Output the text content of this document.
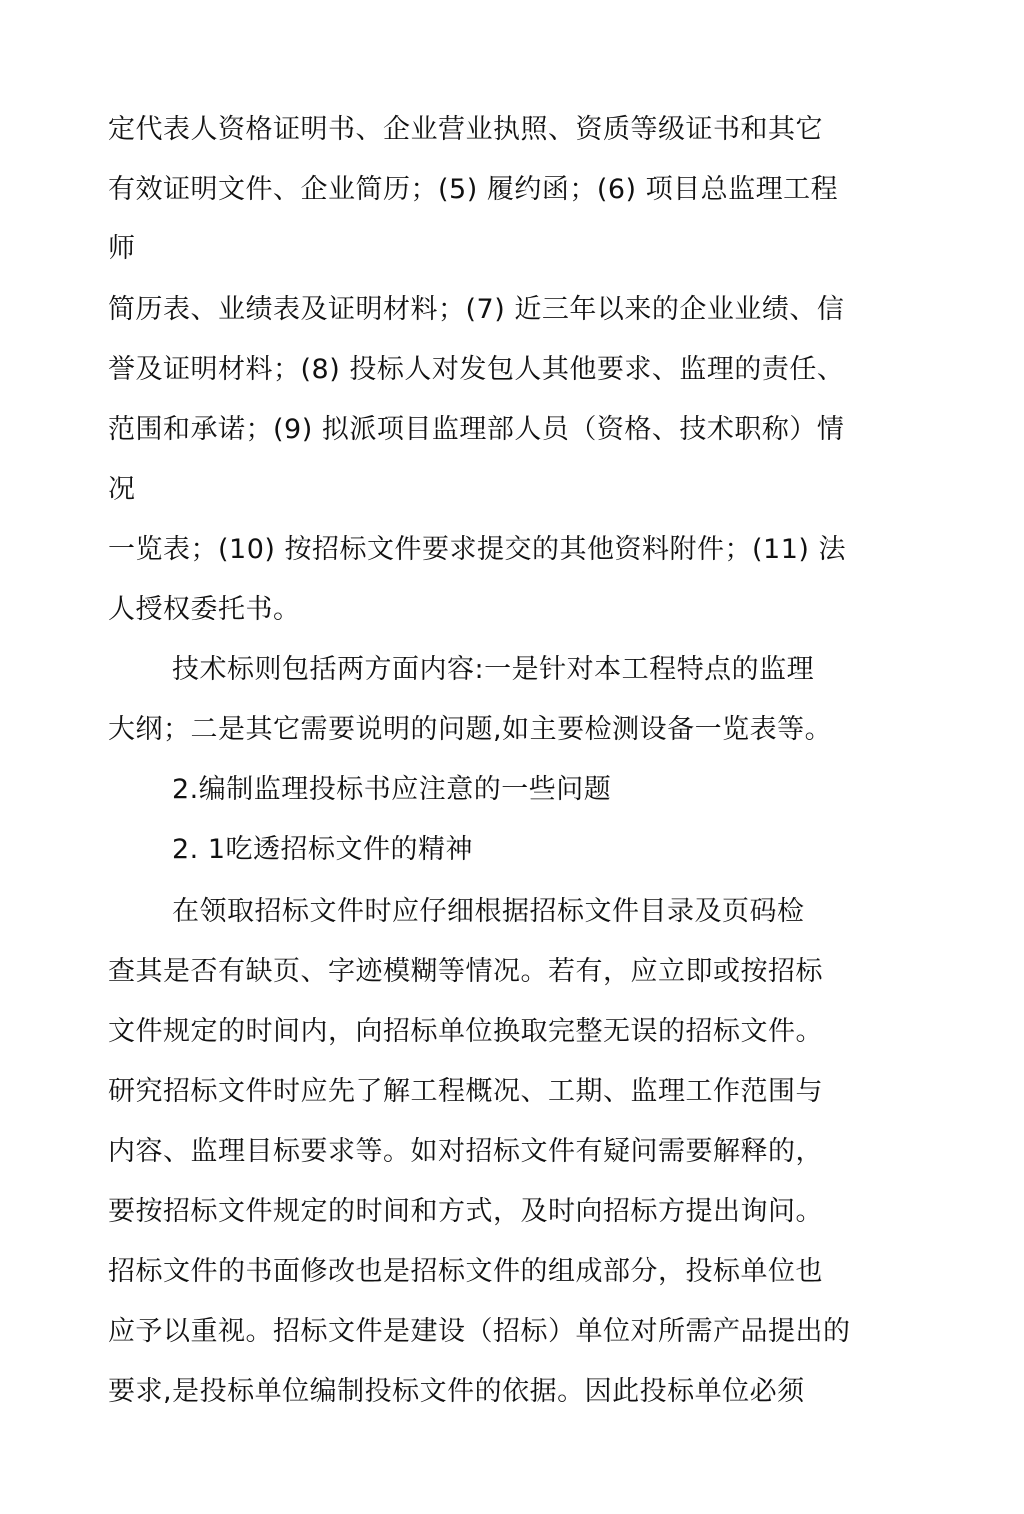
定代表人资格证明书、企业营业执照、资质等级证书和其它
有效证明文件、企业简历；(5) 履约函；(6) 项目总监理工程
师
简历表、业绩表及证明材料；(7) 近三年以来的企业业绩、信
誉及证明材料；(8) 投标人对发包人其他要求、监理的责任、
范围和承诺；(9) 拟派项目监理部人员（资格、技术职称）情
况
一览表；(10) 按招标文件要求提交的其他资料附件；(11) 法
人授权委托书。
技术标则包括两方面内容:一是针对本工程特点的监理
大纲；二是其它需要说明的问题,如主要检测设备一览表等。
2.编制监理投标书应注意的一些问题
2. 1吃透招标文件的精神
在领取招标文件时应仔细根据招标文件目录及页码检
查其是否有缺页、字迹模糊等情况。若有，应立即或按招标
文件规定的时间内，向招标单位换取完整无误的招标文件。
研究招标文件时应先了解工程概况、工期、监理工作范围与
内容、监理目标要求等。如对招标文件有疑问需要解释的，
要按招标文件规定的时间和方式，及时向招标方提出询问。
招标文件的书面修改也是招标文件的组成部分，投标单位也
应予以重视。招标文件是建设（招标）单位对所需产品提出的
要求,是投标单位编制投标文件的依据。因此投标单位必须
